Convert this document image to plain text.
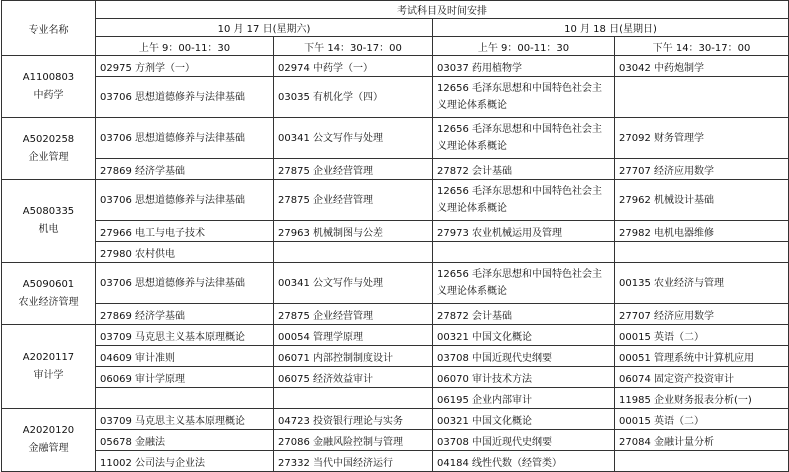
专业名称	考试科目及时间安排			
	10 月 17 日(星期六)		10 月 18 日(星期日)	
	上午 9：00-11：30	下午 14：30-17：00	上午 9：00-11：30	下午 14：30-17：00

A1100803
中药学	02975 方剂学（一）	02974 中药学（一）	03037 药用植物学	03042 中药炮制学
	03706 思想道德修养与法律基础	03035 有机化学（四）	12656 毛泽东思想和中国特色社会主义理论体系概论	

A5020258
企业管理	03706 思想道德修养与法律基础	00341 公文写作与处理	12656 毛泽东思想和中国特色社会主义理论体系概论	27092 财务管理学
	27869 经济学基础	27875 企业经营管理	27872 会计基础	27707 经济应用数学

A5080335
机电	03706 思想道德修养与法律基础	27875 企业经营管理	12656 毛泽东思想和中国特色社会主义理论体系概论	27962 机械设计基础
	27966 电工与电子技术	27963 机械制图与公差	27973 农业机械运用及管理	27982 电机电器维修
	27980 农村供电			

A5090601
农业经济管理	03706 思想道德修养与法律基础	00341 公文写作与处理	12656 毛泽东思想和中国特色社会主义理论体系概论	00135 农业经济与管理
	27869 经济学基础	27875 企业经营管理	27872 会计基础	27707 经济应用数学

A2020117
审计学	03709 马克思主义基本原理概论	00054 管理学原理	00321 中国文化概论	00015 英语（二）
	04609 审计准则	06071 内部控制制度设计	03708 中国近现代史纲要	00051 管理系统中计算机应用
	06069 审计学原理	06075 经济效益审计	06070 审计技术方法	06074 固定资产投资审计
			06195 企业内部审计	11985 企业财务报表分析(一)

A2020120
金融管理	03709 马克思主义基本原理概论	04723 投资银行理论与实务	00321 中国文化概论	00015 英语（二）
	05678 金融法	27086 金融风险控制与管理	03708 中国近现代史纲要	27084 金融计量分析
	11002 公司法与企业法	27332 当代中国经济运行	04184 线性代数（经管类）	
